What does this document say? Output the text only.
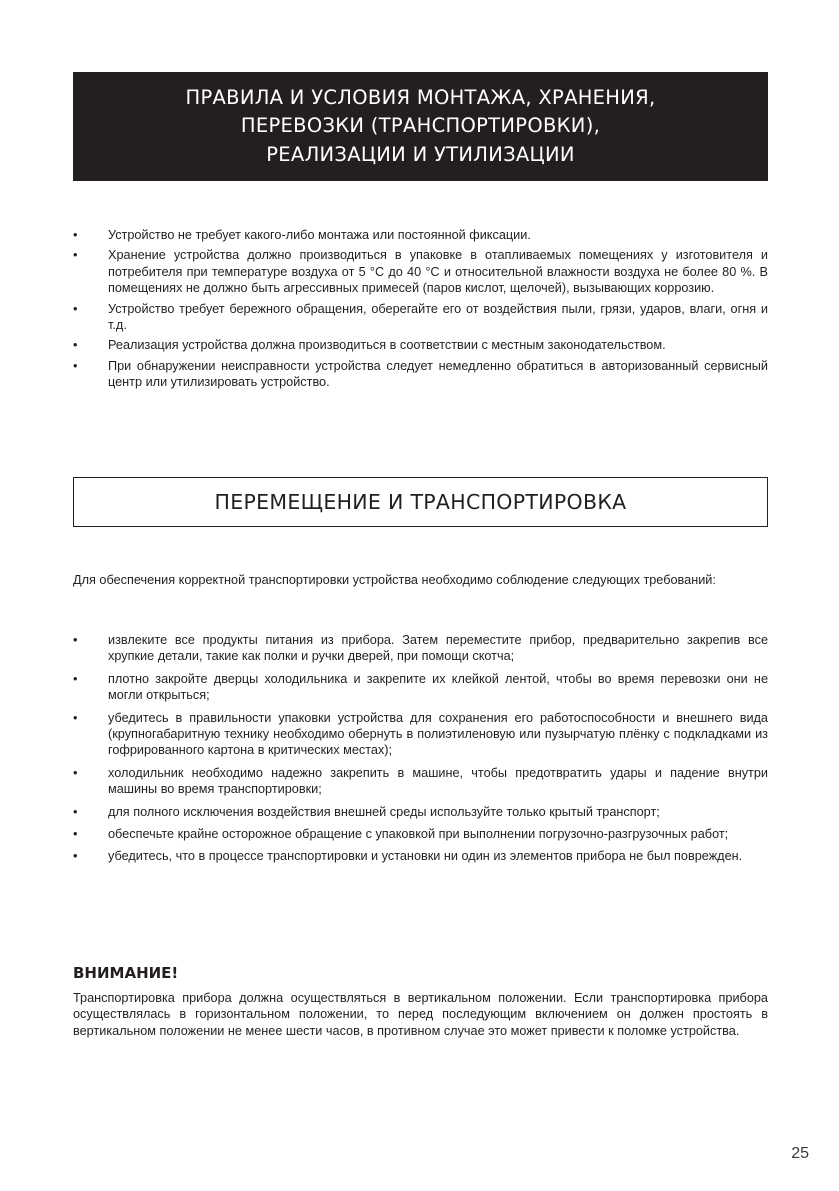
ПРАВИЛА И УСЛОВИЯ МОНТАЖА, ХРАНЕНИЯ,
ПЕРЕВОЗКИ (ТРАНСПОРТИРОВКИ),
РЕАЛИЗАЦИИ И УТИЛИЗАЦИИ
• Устройство не требует какого-либо монтажа или постоянной фиксации.
• Хранение устройства должно производиться в упаковке в отапливаемых помещениях у изготовителя и потребителя при температуре воздуха от 5 °С до 40 °С и относительной влажности воздуха не более 80 %. В помещениях не должно быть агрессивных примесей (паров кислот, щелочей), вызывающих коррозию.
• Устройство требует бережного обращения, оберегайте его от воздействия пыли, грязи, ударов, влаги, огня и т.д.
• Реализация устройства должна производиться в соответствии с местным законодательством.
• При обнаружении неисправности устройства следует немедленно обратиться в авторизованный сервисный центр или утилизировать устройство.
ПЕРЕМЕЩЕНИЕ И ТРАНСПОРТИРОВКА

Для обеспечения корректной транспортировки устройства необходимо соблюдение следующих требований:

• извлеките все продукты питания из прибора. Затем переместите прибор, предварительно закрепив все хрупкие детали, такие как полки и ручки дверей, при помощи скотча;
• плотно закройте дверцы холодильника и закрепите их клейкой лентой, чтобы во время перевозки они не могли открыться;
• убедитесь в правильности упаковки устройства для сохранения его работоспособности и внешнего вида (крупногабаритную технику необходимо обернуть в полиэтиленовую или пузырчатую плёнку с подкладками из гофрированного картона в критических местах);
• холодильник необходимо надежно закрепить в машине, чтобы предотвратить удары и падение внутри машины во время транспортировки;
• для полного исключения воздействия внешней среды используйте только крытый транспорт;
• обеспечьте крайне осторожное обращение с упаковкой при выполнении погрузочно-разгрузочных работ;
• убедитесь, что в процессе транспортировки и установки ни один из элементов прибора не был поврежден.
ВНИМАНИЕ!

Транспортировка прибора должна осуществляться в вертикальном положении. Если транспортировка прибора осуществлялась в горизонтальном положении, то перед последующим включением он должен простоять в вертикальном положении не менее шести часов, в противном случае это может привести к поломке устройства.

25
